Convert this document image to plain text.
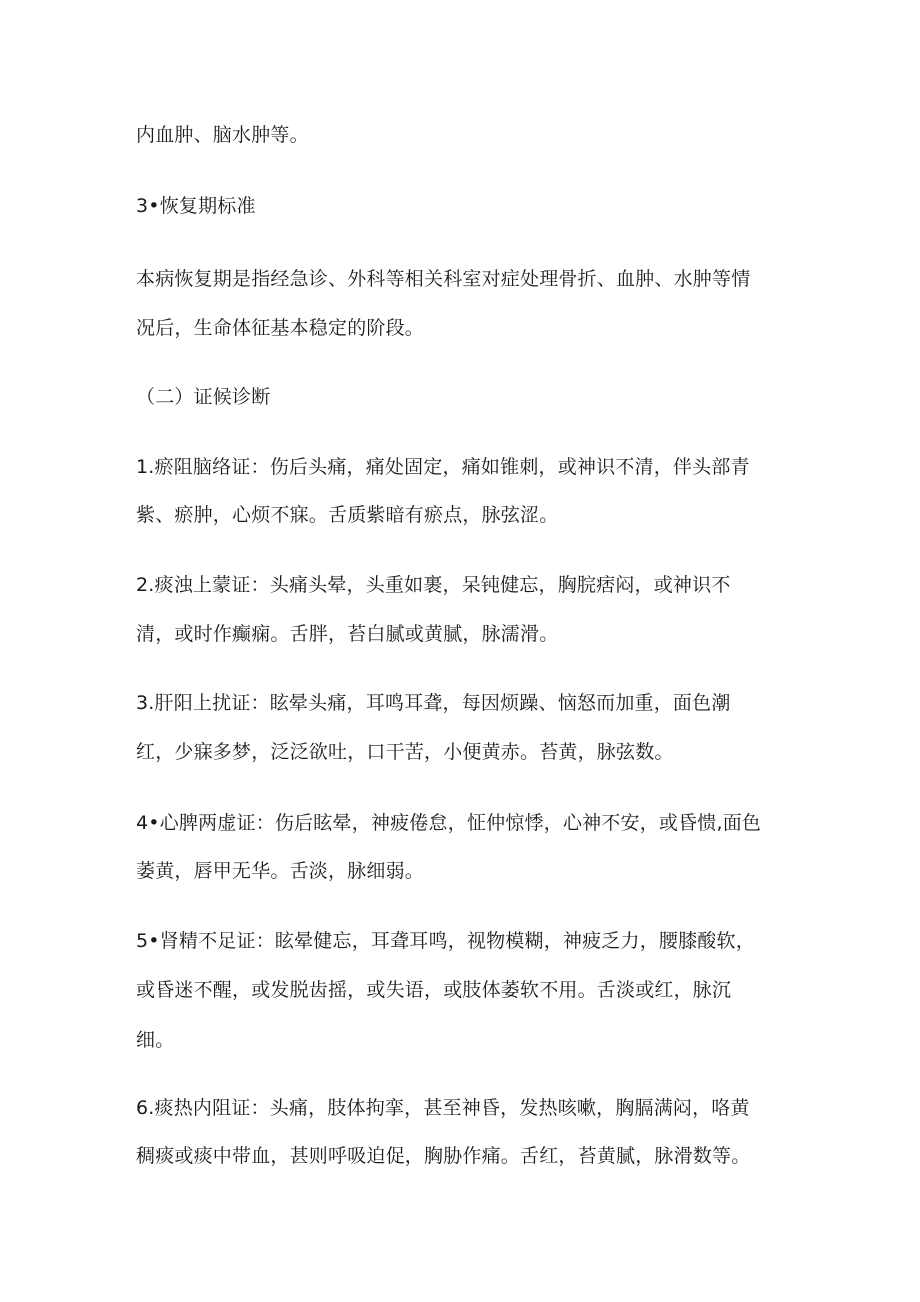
内血肿、脑水肿等。
3•恢复期标准
本病恢复期是指经急诊、外科等相关科室对症处理骨折、血肿、水肿等情
况后，生命体征基本稳定的阶段。
（二）证候诊断
1.瘀阻脑络证：伤后头痛，痛处固定，痛如锥刺，或神识不清，伴头部青
紫、瘀肿，心烦不寐。舌质紫暗有瘀点，脉弦涩。
2.痰浊上蒙证：头痛头晕，头重如裹，呆钝健忘，胸脘痞闷，或神识不
清，或时作癫痫。舌胖，苔白腻或黄腻，脉濡滑。
3.肝阳上扰证：眩晕头痛，耳鸣耳聋，每因烦躁、恼怒而加重，面色潮
红，少寐多梦，泛泛欲吐，口干苦，小便黄赤。苔黄，脉弦数。
4•心脾两虚证：伤后眩晕，神疲倦怠，怔仲惊悸，心神不安，或昏愦,面色
萎黄，唇甲无华。舌淡，脉细弱。
5•肾精不足证：眩晕健忘，耳聋耳鸣，视物模糊，神疲乏力，腰膝酸软，
或昏迷不醒，或发脱齿摇，或失语，或肢体萎软不用。舌淡或红，脉沉
细。
6.痰热内阻证：头痛，肢体拘挛，甚至神昏，发热咳嗽，胸膈满闷，咯黄
稠痰或痰中带血，甚则呼吸迫促，胸胁作痛。舌红，苔黄腻，脉滑数等。
